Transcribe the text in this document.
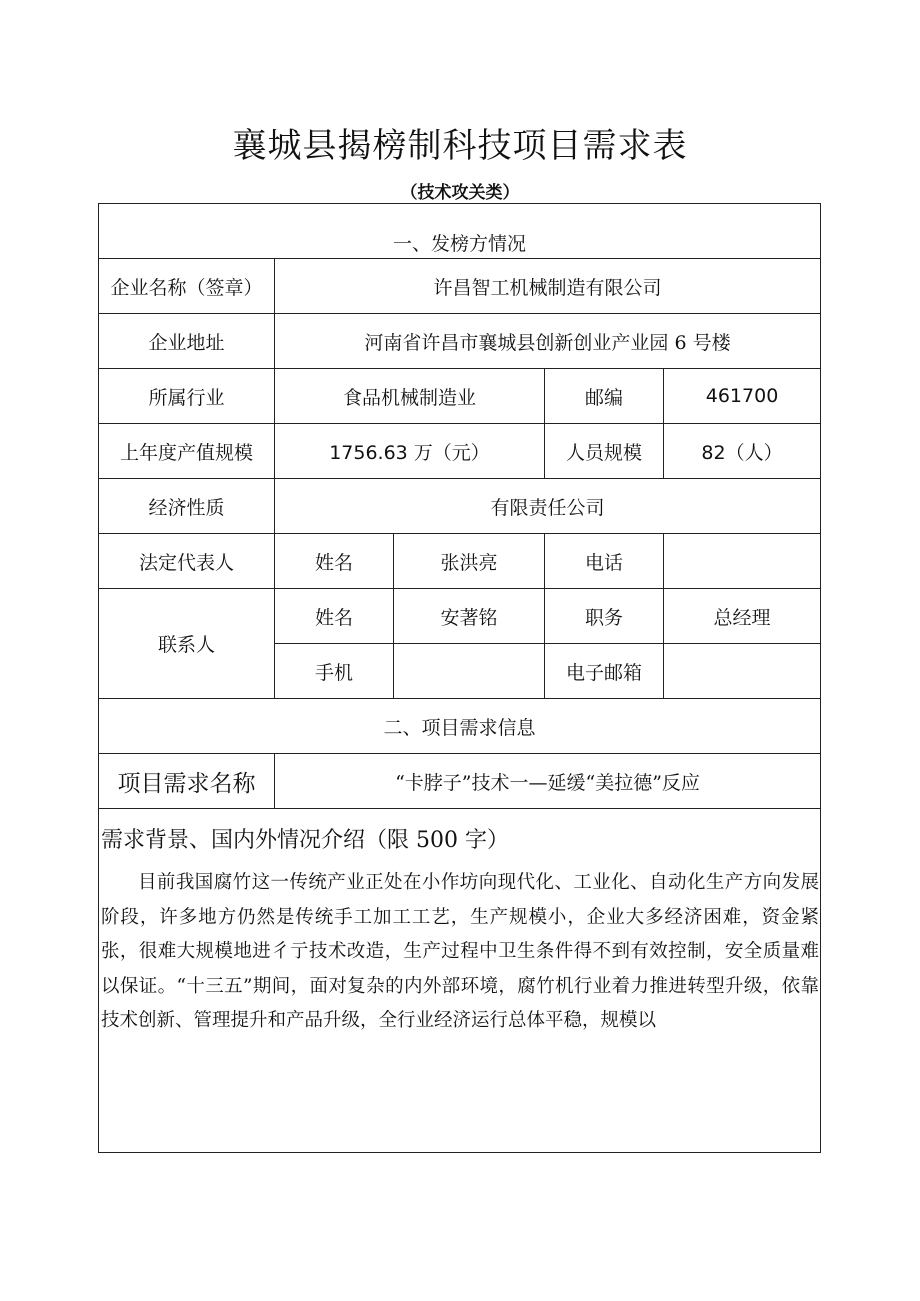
襄城县揭榜制科技项目需求表
（技术攻关类）
一、发榜方情况				
企业名称（签章）	许昌智工机械制造有限公司			
企业地址	河南省许昌市襄城县创新创业产业园 6 号楼			
所属行业	食品机械制造业		邮编	461700
上年度产值规模	1756.63 万（元）		人员规模	82（人）
经济性质	有限责任公司			
法定代表人	姓名	张洪亮	电话	
联系人	姓名	安著铭	职务	总经理
	手机		电子邮箱	
二、项目需求信息				
项目需求名称	“卡脖子”技术一—延缓“美拉德”反应			

需求背景、国内外情况介绍（限 500 字）
目前我国腐竹这一传统产业正处在小作坊向现代化、工业化、自动化生产方向发展阶段，许多地方仍然是传统手工加工工艺，生产规模小，企业大多经济困难，资金紧张，很难大规模地进彳亍技术改造，生产过程中卫生条件得不到有效控制，安全质量难以保证。“十三五”期间，面对复杂的内外部环境，腐竹机行业着力推进转型升级，依靠技术创新、管理提升和产品升级，全行业经济运行总体平稳，规模以				
